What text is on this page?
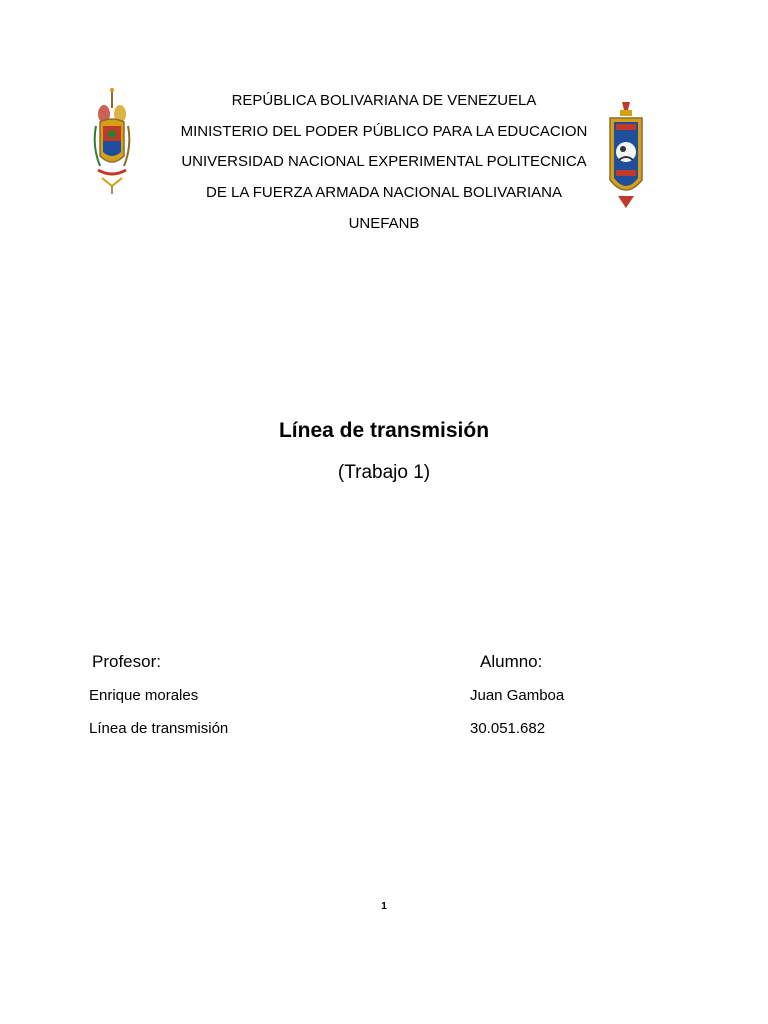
REPÚBLICA BOLIVARIANA DE VENEZUELA
MINISTERIO DEL PODER PÚBLICO PARA LA EDUCACION
UNIVERSIDAD NACIONAL EXPERIMENTAL POLITECNICA
DE LA FUERZA ARMADA NACIONAL BOLIVARIANA
UNEFANB
Línea de transmisión
(Trabajo 1)
Profesor:	Alumno:
Enrique morales	Juan Gamboa
Línea de transmisión	30.051.682
1
